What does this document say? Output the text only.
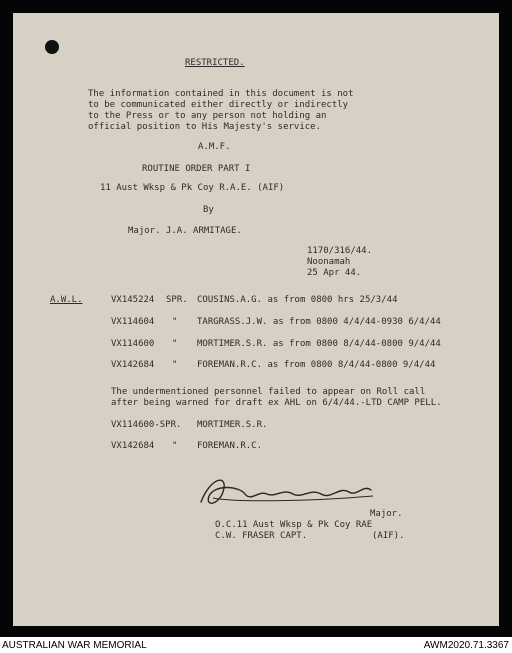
RESTRICTED.
The information contained in this document is not
to be communicated either directly or indirectly
to the Press or to any person not holding an
official position to His Majesty's service.
A.M.F.
ROUTINE ORDER PART I
11 Aust Wksp & Pk Coy R.A.E. (AIF)
By
Major. J.A. ARMITAGE.
1170/316/44.
Noonamah
25 Apr 44.
A.W.L.	VX145224 SPR. COUSINS.A.G. as from 0800 hrs 25/3/44
VX114604 " TARGRASS.J.W. as from 0800 4/4/44-0930 6/4/44
VX114600 " MORTIMER.S.R. as from 0800 8/4/44-0800 9/4/44
VX142684 " FOREMAN.R.C. as from 0800 8/4/44-0800 9/4/44
The undermentioned personnel failed to appear on Roll call
after being warned for draft ex AHL on 6/4/44.-LTD CAMP PELL.
VX114600-SPR. MORTIMER.S.R.
VX142684 " FOREMAN.R.C.
Major.
O.C.11 Aust Wksp & Pk Coy RAE
C.W. FRASER CAPT.	(AIF).
AUSTRALIAN WAR MEMORIAL	AWM2020.71.3367
